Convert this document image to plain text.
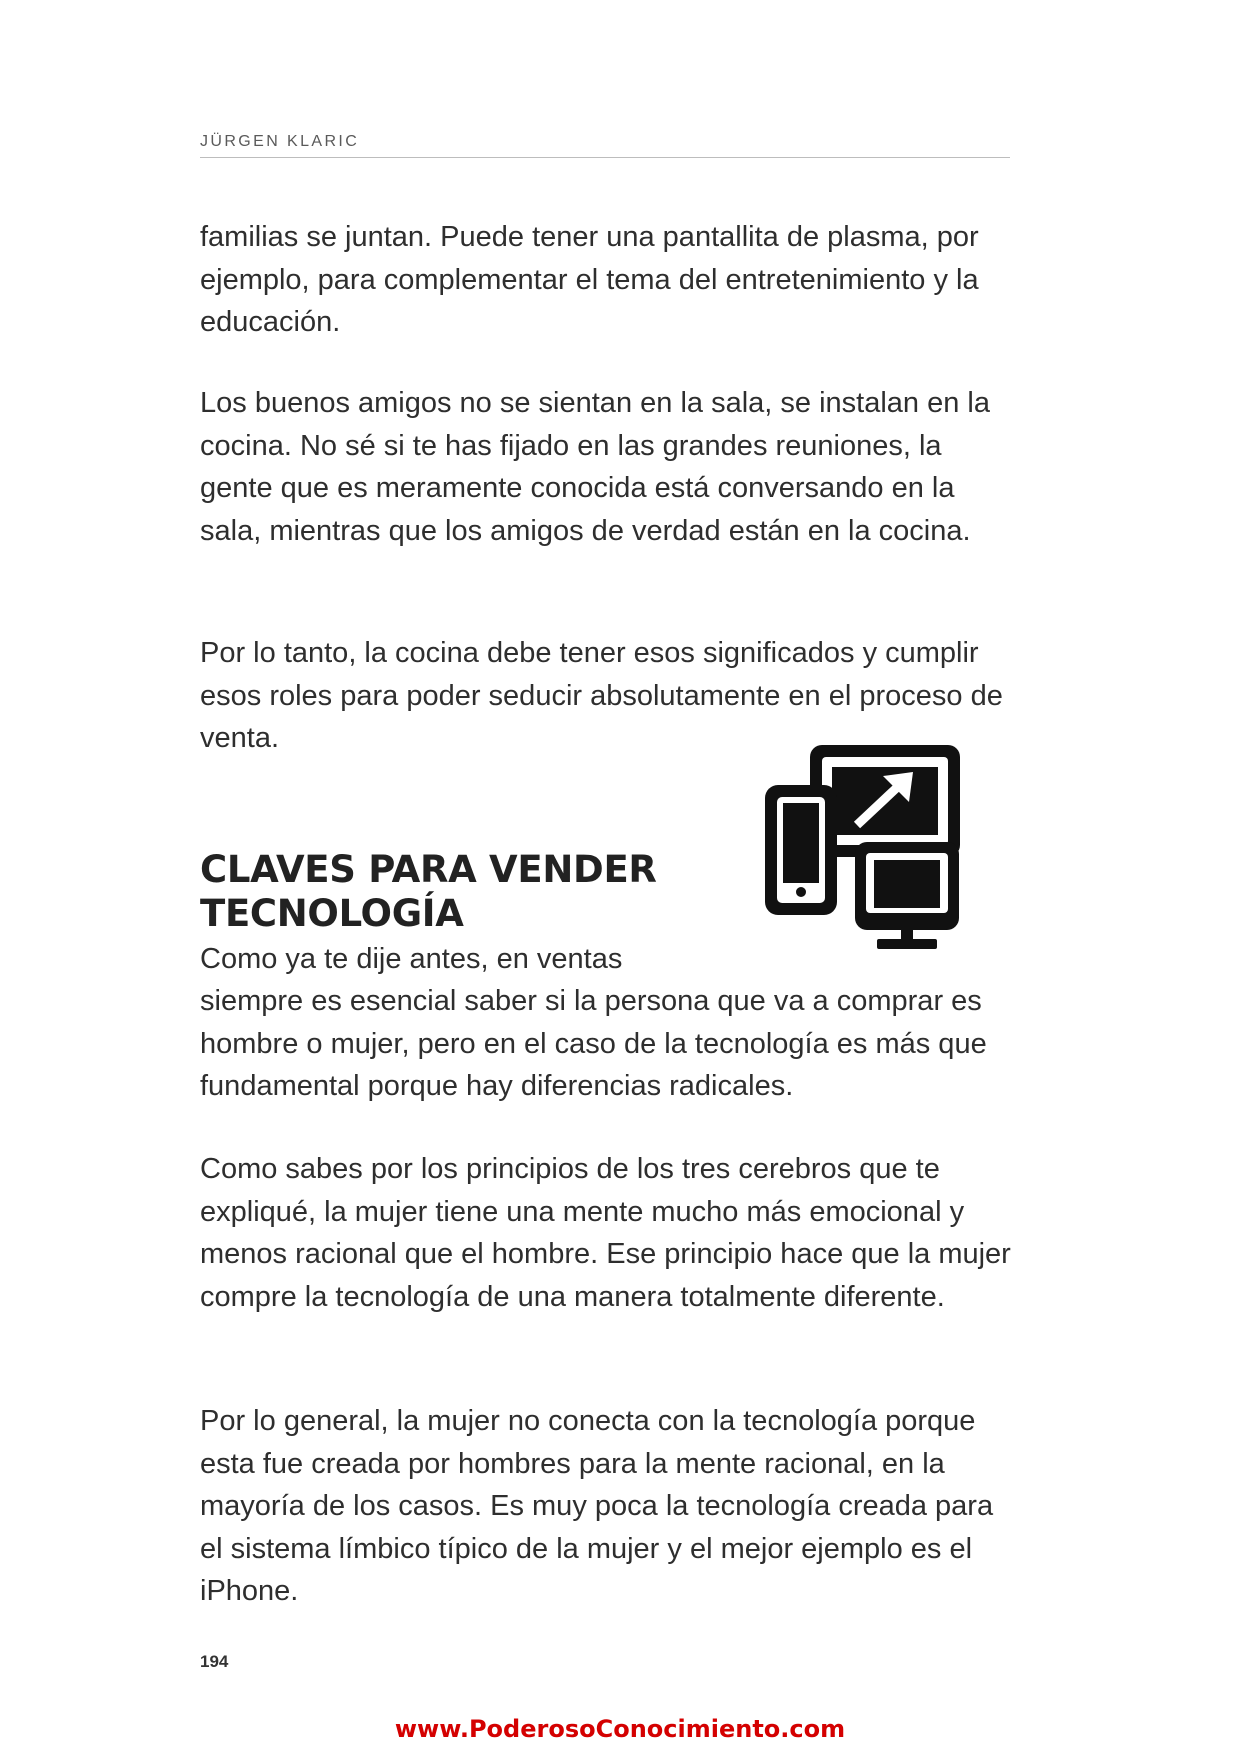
JÜRGEN KLARIC

familias se juntan. Puede tener una pantallita de plasma, por ejemplo, para complementar el tema del entretenimiento y la educación.

Los buenos amigos no se sientan en la sala, se instalan en la cocina. No sé si te has fijado en las grandes reuniones, la gente que es meramente conocida está conversando en la sala, mientras que los amigos de verdad están en la cocina.

Por lo tanto, la cocina debe tener esos significados y cumplir esos roles para poder seducir absolutamente en el proceso de venta.

CLAVES PARA VENDER
TECNOLOGÍA

Como ya te dije antes, en ventas

siempre es esencial saber si la persona que va a comprar es hombre o mujer, pero en el caso de la tecnología es más que fundamental porque hay diferencias radicales.

Como sabes por los principios de los tres cerebros que te expliqué, la mujer tiene una mente mucho más emocional y menos racional que el hombre. Ese principio hace que la mujer compre la tecnología de una manera totalmente diferente.

Por lo general, la mujer no conecta con la tecnología porque esta fue creada por hombres para la mente racional, en la mayoría de los casos. Es muy poca la tecnología creada para el sistema límbico típico de la mujer y el mejor ejemplo es el iPhone.

194
www.PoderosoConocimiento.com
